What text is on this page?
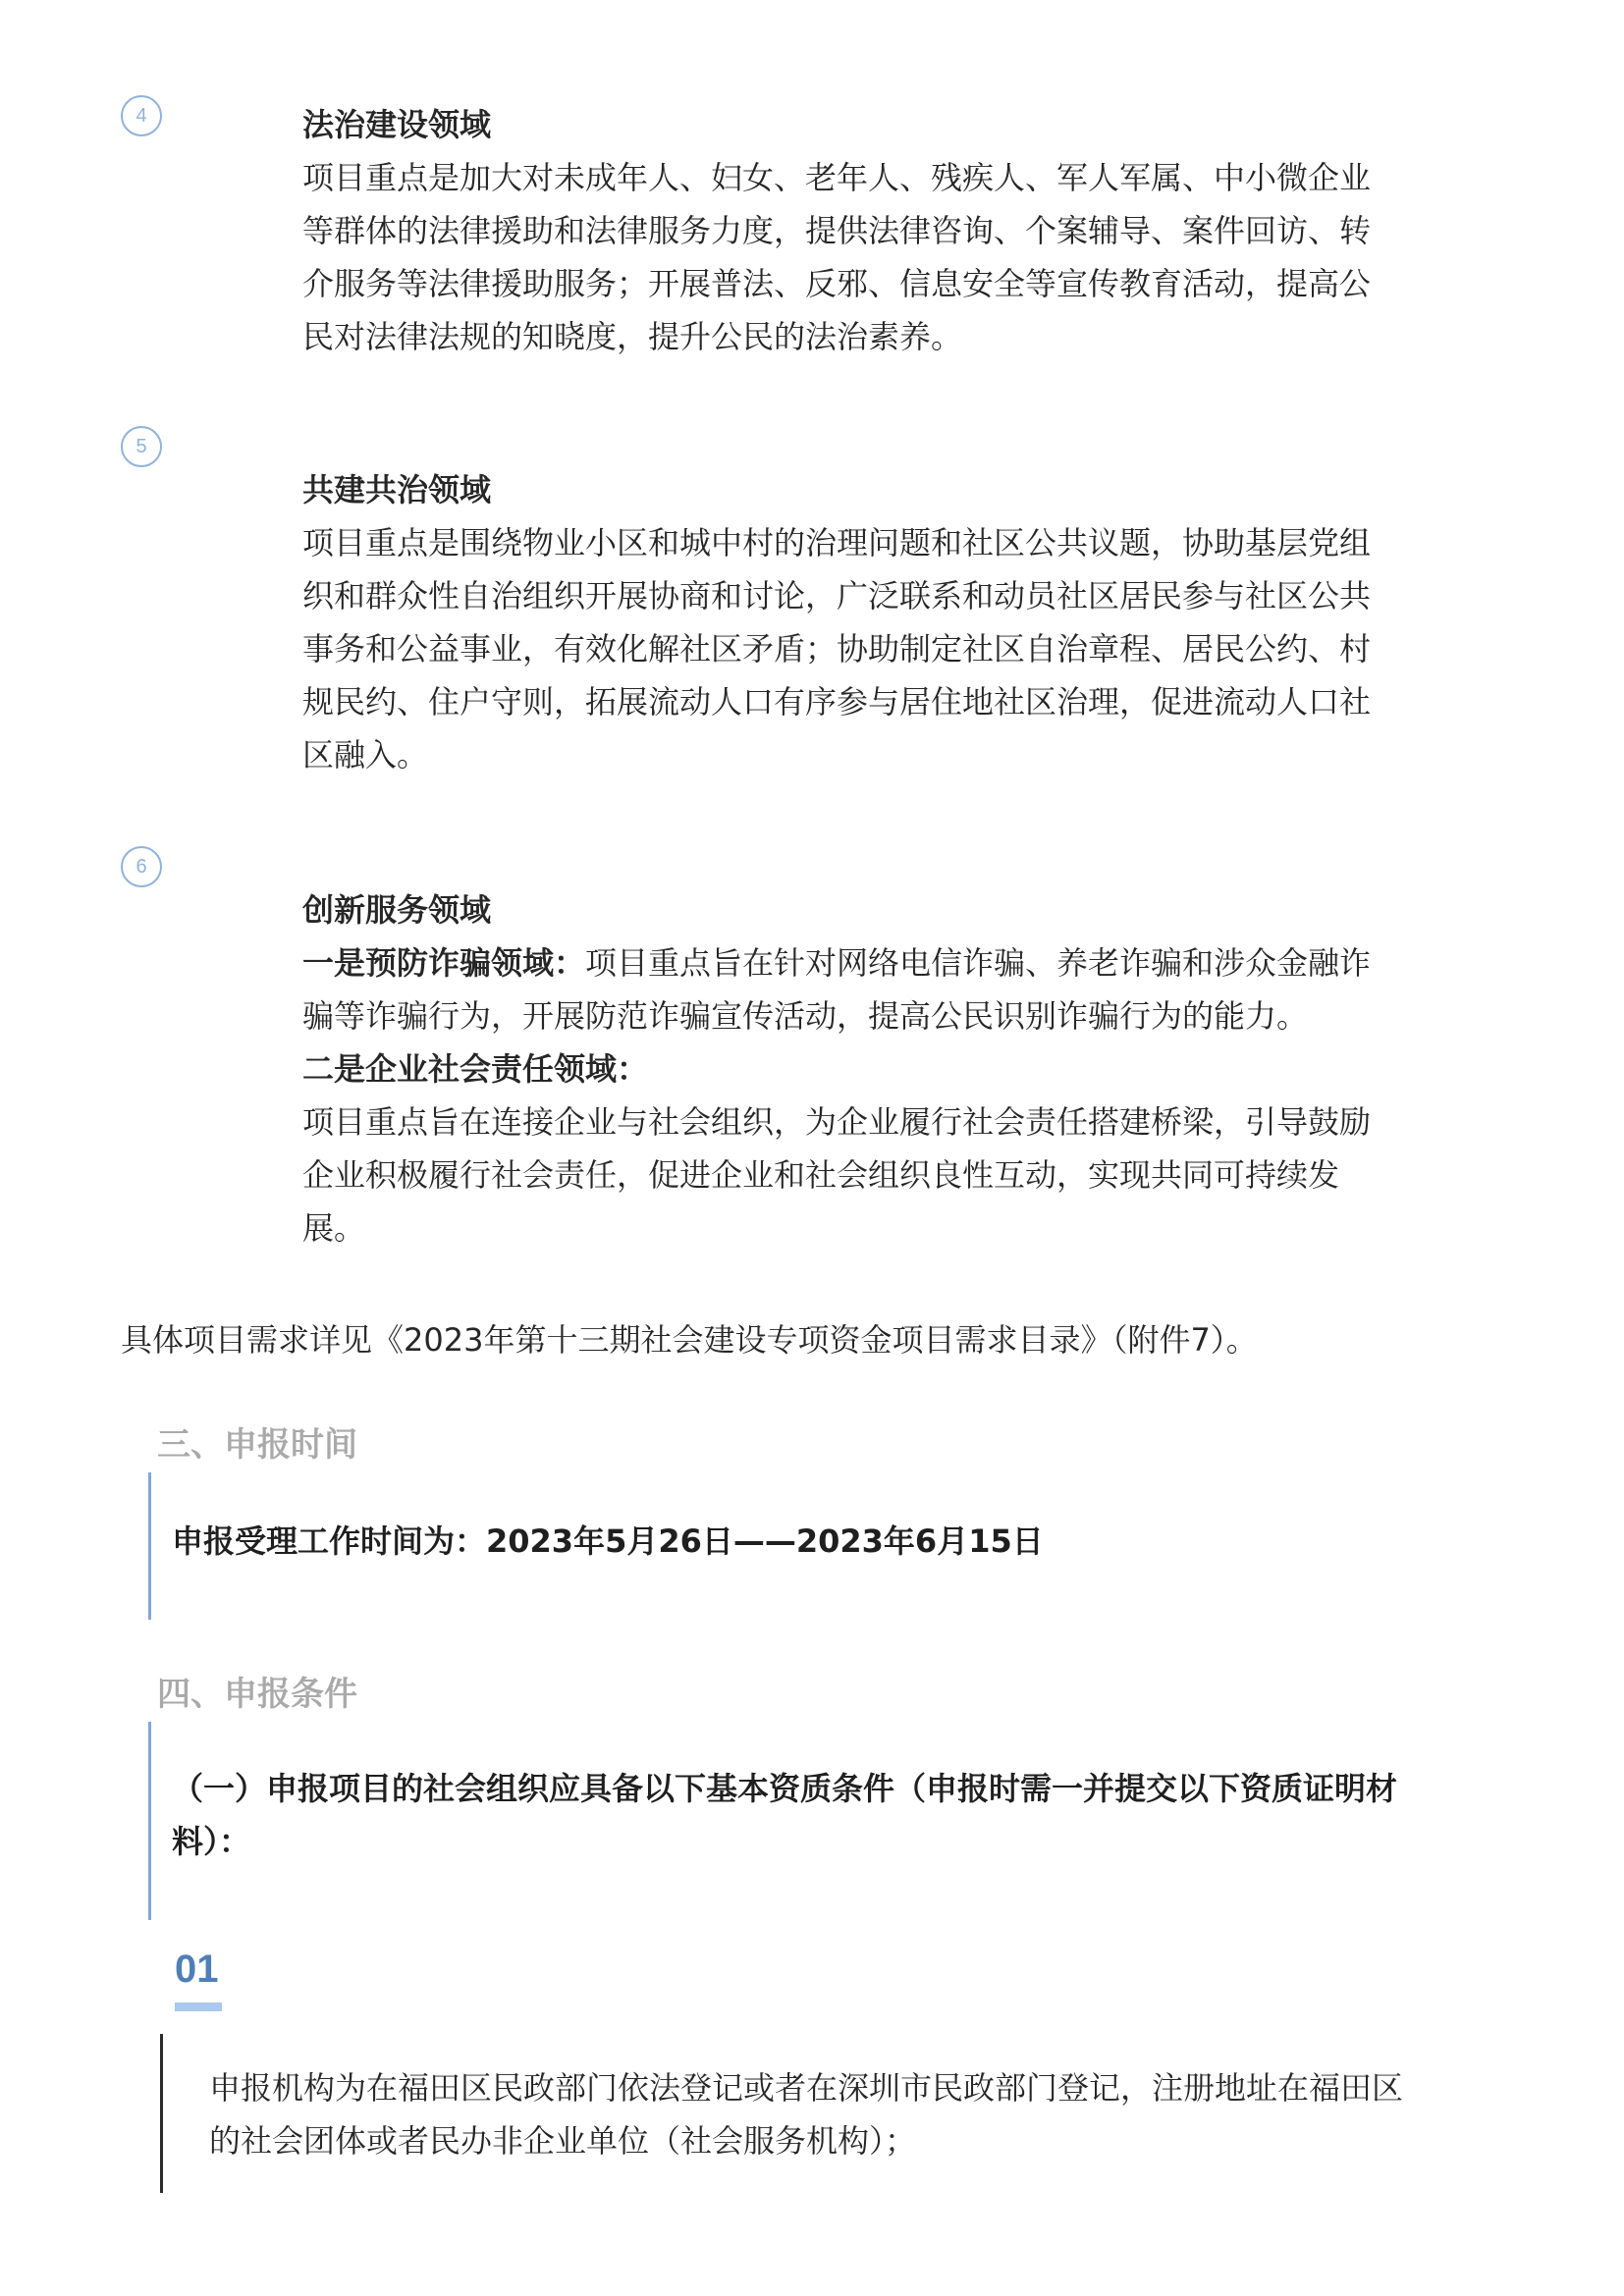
4	法治建设领域

项目重点是加大对未成年人、妇女、老年人、残疾人、军人军属、中小微企业

等群体的法律援助和法律服务力度，提供法律咨询、个案辅导、案件回访、转

介服务等法律援助服务；开展普法、反邪、信息安全等宣传教育活动，提高公

民对法律法规的知晓度，提升公民的法治素养。

5

共建共治领域

项目重点是围绕物业小区和城中村的治理问题和社区公共议题，协助基层党组

织和群众性自治组织开展协商和讨论，广泛联系和动员社区居民参与社区公共

事务和公益事业，有效化解社区矛盾；协助制定社区自治章程、居民公约、村

规民约、住户守则，拓展流动人口有序参与居住地社区治理，促进流动人口社

区融入。

6

创新服务领域

一是预防诈骗领域：项目重点旨在针对网络电信诈骗、养老诈骗和涉众金融诈

骗等诈骗行为，开展防范诈骗宣传活动，提高公民识别诈骗行为的能力。

二是企业社会责任领域：

项目重点旨在连接企业与社会组织，为企业履行社会责任搭建桥梁，引导鼓励

企业积极履行社会责任，促进企业和社会组织良性互动，实现共同可持续发

展。

具体项目需求详见《2023年第十三期社会建设专项资金项目需求目录》（附件7）。
三、申报时间
申报受理工作时间为：2023年5月26日——2023年6月15日
四、申报条件
（一）申报项目的社会组织应具备以下基本资质条件（申报时需一并提交以下资质证明材
料）：
01
申报机构为在福田区民政部门依法登记或者在深圳市民政部门登记，注册地址在福田区
的社会团体或者民办非企业单位（社会服务机构）；
